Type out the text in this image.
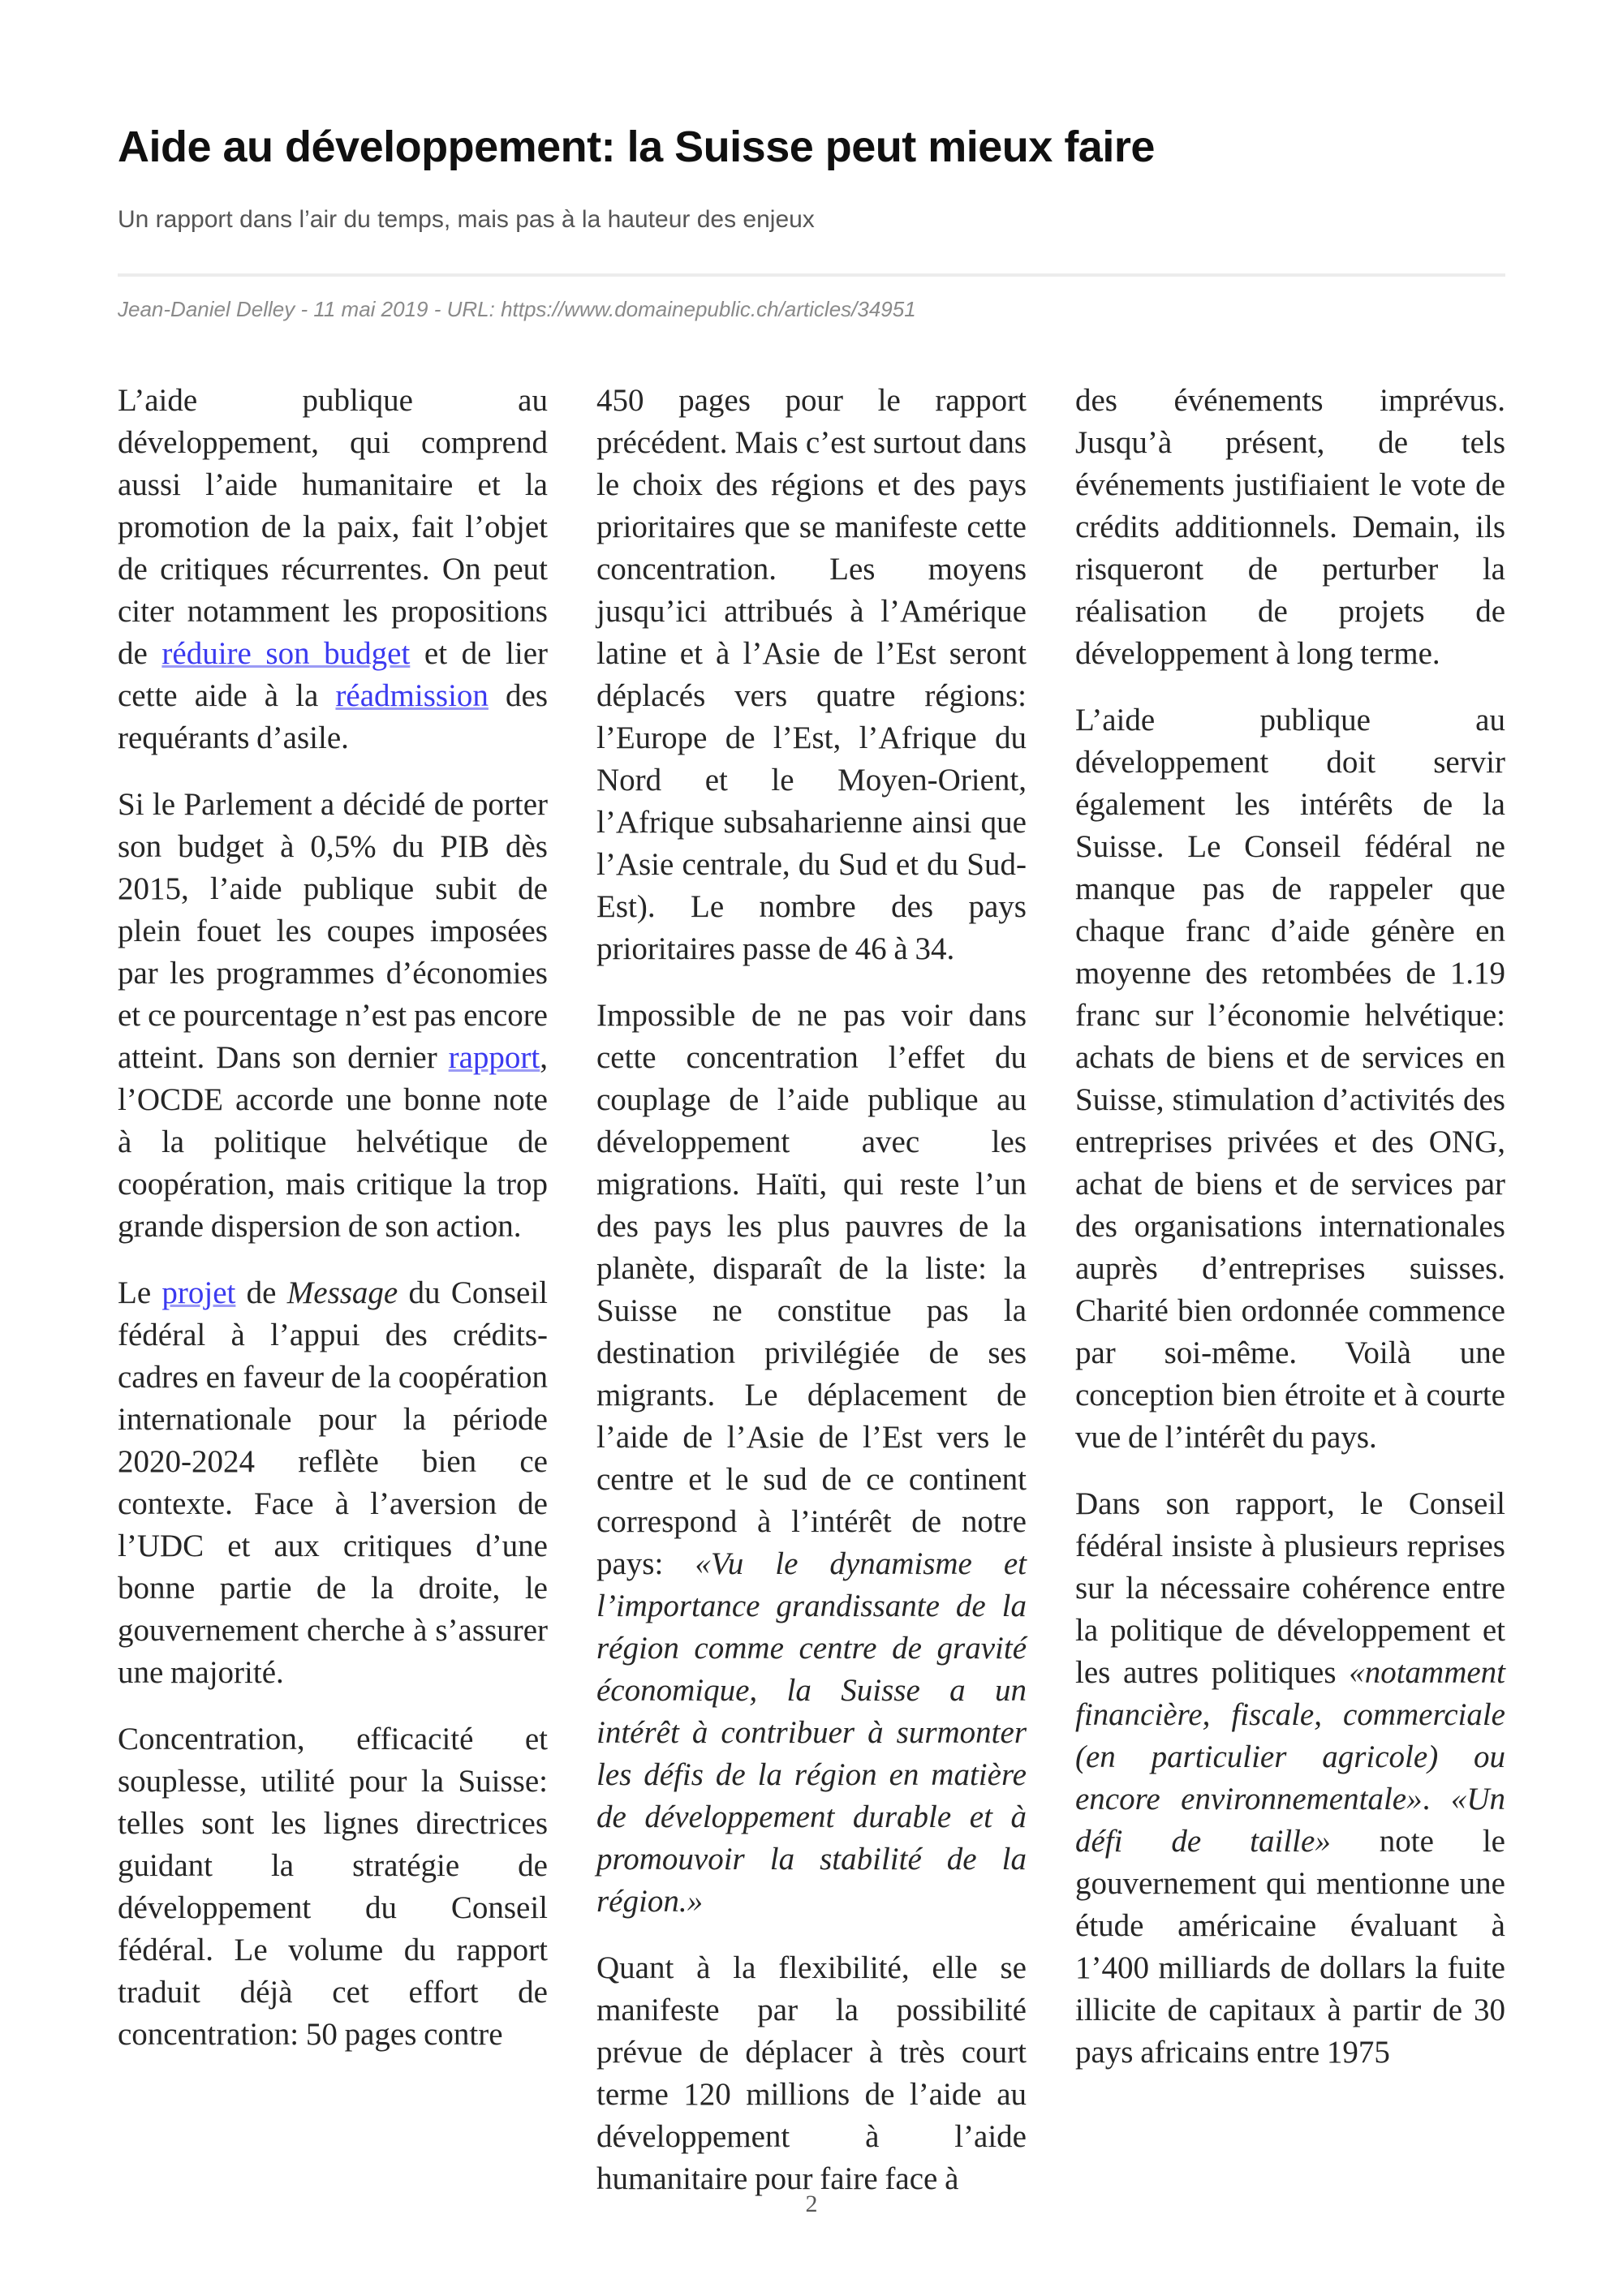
Aide au développement: la Suisse peut mieux faire

Un rapport dans l’air du temps, mais pas à la hauteur des enjeux

Jean-Daniel Delley - 11 mai 2019 - URL: https://www.domainepublic.ch/articles/34951

L’aide publique au développement, qui comprend aussi l’aide humanitaire et la promotion de la paix, fait l’objet de critiques récurrentes. On peut citer notamment les propositions de réduire son budget et de lier cette aide à la réadmission des requérants d’asile.

Si le Parlement a décidé de porter son budget à 0,5% du PIB dès 2015, l’aide publique subit de plein fouet les coupes imposées par les programmes d’économies et ce pourcentage n’est pas encore atteint. Dans son dernier rapport, l’OCDE accorde une bonne note à la politique helvétique de coopération, mais critique la trop grande dispersion de son action.

Le projet de Message du Conseil fédéral à l’appui des crédits-cadres en faveur de la coopération internationale pour la période 2020-2024 reflète bien ce contexte. Face à l’aversion de l’UDC et aux critiques d’une bonne partie de la droite, le gouvernement cherche à s’assurer une majorité.

Concentration, efficacité et souplesse, utilité pour la Suisse: telles sont les lignes directrices guidant la stratégie de développement du Conseil fédéral. Le volume du rapport traduit déjà cet effort de concentration: 50 pages contre

450 pages pour le rapport précédent. Mais c’est surtout dans le choix des régions et des pays prioritaires que se manifeste cette concentration. Les moyens jusqu’ici attribués à l’Amérique latine et à l’Asie de l’Est seront déplacés vers quatre régions: l’Europe de l’Est, l’Afrique du Nord et le Moyen-Orient, l’Afrique subsaharienne ainsi que l’Asie centrale, du Sud et du Sud-Est). Le nombre des pays prioritaires passe de 46 à 34.

Impossible de ne pas voir dans cette concentration l’effet du couplage de l’aide publique au développement avec les migrations. Haïti, qui reste l’un des pays les plus pauvres de la planète, disparaît de la liste: la Suisse ne constitue pas la destination privilégiée de ses migrants. Le déplacement de l’aide de l’Asie de l’Est vers le centre et le sud de ce continent correspond à l’intérêt de notre pays: «Vu le dynamisme et l’importance grandissante de la région comme centre de gravité économique, la Suisse a un intérêt à contribuer à surmonter les défis de la région en matière de développement durable et à promouvoir la stabilité de la région.»

Quant à la flexibilité, elle se manifeste par la possibilité prévue de déplacer à très court terme 120 millions de l’aide au développement à l’aide humanitaire pour faire face à

des événements imprévus. Jusqu’à présent, de tels événements justifiaient le vote de crédits additionnels. Demain, ils risqueront de perturber la réalisation de projets de développement à long terme.

L’aide publique au développement doit servir également les intérêts de la Suisse. Le Conseil fédéral ne manque pas de rappeler que chaque franc d’aide génère en moyenne des retombées de 1.19 franc sur l’économie helvétique: achats de biens et de services en Suisse, stimulation d’activités des entreprises privées et des ONG, achat de biens et de services par des organisations internationales auprès d’entreprises suisses. Charité bien ordonnée commence par soi-même. Voilà une conception bien étroite et à courte vue de l’intérêt du pays.

Dans son rapport, le Conseil fédéral insiste à plusieurs reprises sur la nécessaire cohérence entre la politique de développement et les autres politiques «notamment financière, fiscale, commerciale (en particulier agricole) ou encore environnementale». «Un défi de taille» note le gouvernement qui mentionne une étude américaine évaluant à 1’400 milliards de dollars la fuite illicite de capitaux à partir de 30 pays africains entre 1975

2
